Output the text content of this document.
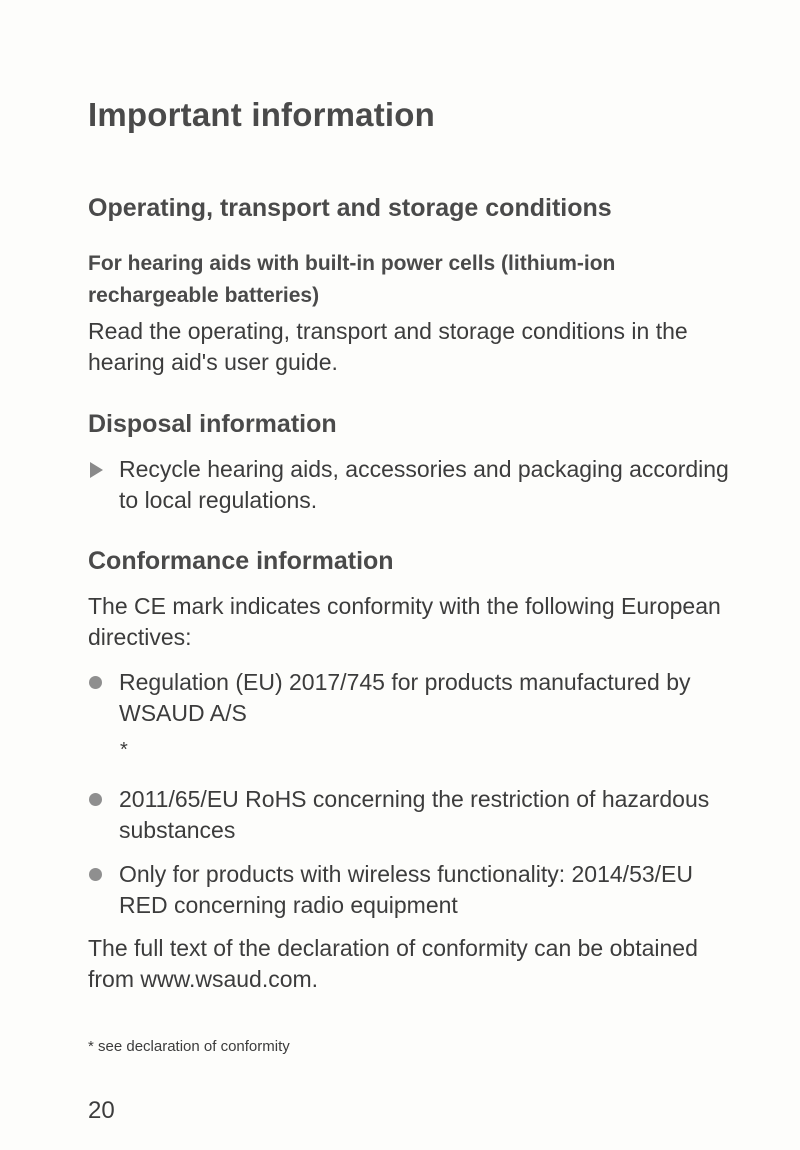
Important information
Operating, transport and storage conditions
For hearing aids with built-in power cells (lithium-ion rechargeable batteries)
Read the operating, transport and storage conditions in the hearing aid's user guide.
Disposal information
Recycle hearing aids, accessories and packaging according to local regulations.
Conformance information
The CE mark indicates conformity with the following European directives:
Regulation (EU) 2017/745 for products manufactured by WSAUD A/S
*
2011/65/EU RoHS concerning the restriction of hazardous substances
Only for products with wireless functionality: 2014/53/EU RED concerning radio equipment
The full text of the declaration of conformity can be obtained from www.wsaud.com.
* see declaration of conformity
20
